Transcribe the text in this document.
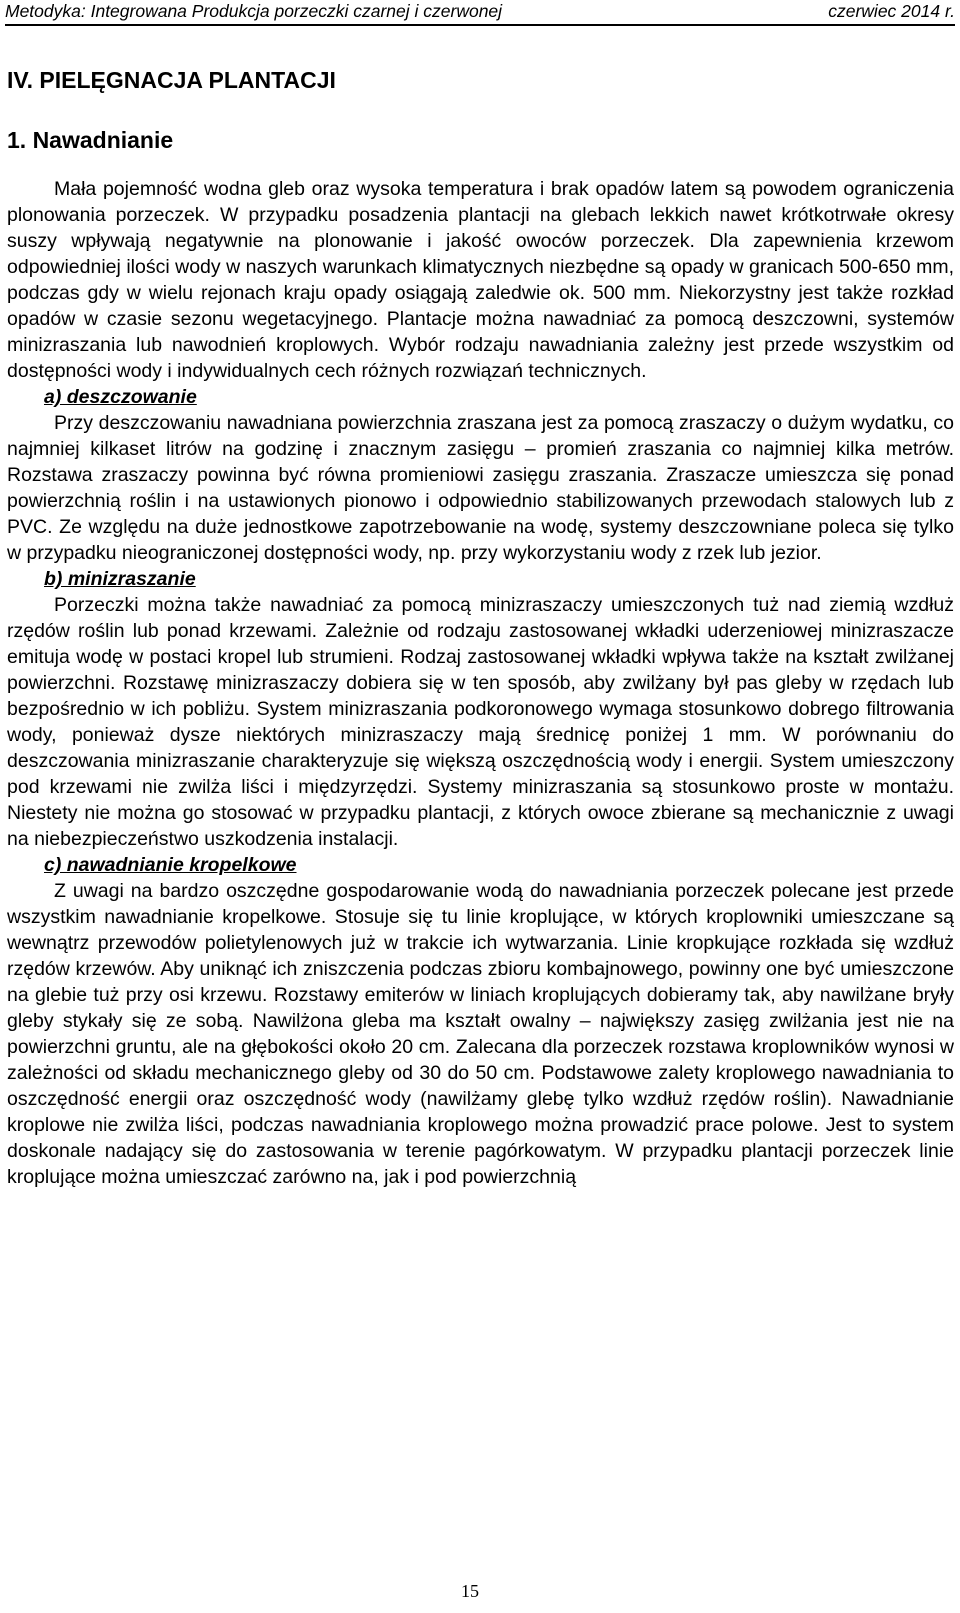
Metodyka: Integrowana Produkcja porzeczki czarnej i czerwonej	czerwiec 2014 r.
IV. PIELĘGNACJA PLANTACJI
1. Nawadnianie

Mała pojemność wodna gleb oraz wysoka temperatura i brak opadów latem są powodem ograniczenia plonowania porzeczek. W przypadku posadzenia plantacji na glebach lekkich nawet krótkotrwałe okresy suszy wpływają negatywnie na plonowanie i jakość owoców porzeczek. Dla zapewnienia krzewom odpowiedniej ilości wody w naszych warunkach klimatycznych niezbędne są opady w granicach 500-650 mm, podczas gdy w wielu rejonach kraju opady osiągają zaledwie ok. 500 mm. Niekorzystny jest także rozkład opadów w czasie sezonu wegetacyjnego. Plantacje można nawadniać za pomocą deszczowni, systemów minizraszania lub nawodnień kroplowych. Wybór rodzaju nawadniania zależny jest przede wszystkim od dostępności wody i indywidualnych cech różnych rozwiązań technicznych.

a) deszczowanie

Przy deszczowaniu nawadniana powierzchnia zraszana jest za pomocą zraszaczy o dużym wydatku, co najmniej kilkaset litrów na godzinę i znacznym zasięgu – promień zraszania co najmniej kilka metrów. Rozstawa zraszaczy powinna być równa promieniowi zasięgu zraszania. Zraszacze umieszcza się ponad powierzchnią roślin i na ustawionych pionowo i odpowiednio stabilizowanych przewodach stalowych lub z PVC. Ze względu na duże jednostkowe zapotrzebowanie na wodę, systemy deszczowniane poleca się tylko w przypadku nieograniczonej dostępności wody, np. przy wykorzystaniu wody z rzek lub jezior.

b) minizraszanie

Porzeczki można także nawadniać za pomocą minizraszaczy umieszczonych tuż nad ziemią wzdłuż rzędów roślin lub ponad krzewami. Zależnie od rodzaju zastosowanej wkładki uderzeniowej minizraszacze emituja wodę w postaci kropel lub strumieni. Rodzaj zastosowanej wkładki wpływa także na kształt zwilżanej powierzchni. Rozstawę minizraszaczy dobiera się w ten sposób, aby zwilżany był pas gleby w rzędach lub bezpośrednio w ich pobliżu. System minizraszania podkoronowego wymaga stosunkowo dobrego filtrowania wody, ponieważ dysze niektórych minizraszaczy mają średnicę poniżej 1 mm. W porównaniu do deszczowania minizraszanie charakteryzuje się większą oszczędnością wody i energii. System umieszczony pod krzewami nie zwilża liści i międzyrzędzi. Systemy minizraszania są stosunkowo proste w montażu. Niestety nie można go stosować w przypadku plantacji, z których owoce zbierane są mechanicznie z uwagi na niebezpieczeństwo uszkodzenia instalacji.

c) nawadnianie kropelkowe

Z uwagi na bardzo oszczędne gospodarowanie wodą do nawadniania porzeczek polecane jest przede wszystkim nawadnianie kropelkowe. Stosuje się tu linie kroplujące, w których kroplowniki umieszczane są wewnątrz przewodów polietylenowych już w trakcie ich wytwarzania. Linie kropkujące rozkłada się wzdłuż rzędów krzewów. Aby uniknąć ich zniszczenia podczas zbioru kombajnowego, powinny one być umieszczone na glebie tuż przy osi krzewu. Rozstawy emiterów w liniach kroplujących dobieramy tak, aby nawilżane bryły gleby stykały się ze sobą. Nawilżona gleba ma kształt owalny – największy zasięg zwilżania jest nie na powierzchni gruntu, ale na głębokości około 20 cm. Zalecana dla porzeczek rozstawa kroplowników wynosi w zależności od składu mechanicznego gleby od 30 do 50 cm. Podstawowe zalety kroplowego nawadniania to oszczędność energii oraz oszczędność wody (nawilżamy glebę tylko wzdłuż rzędów roślin). Nawadnianie kroplowe nie zwilża liści, podczas nawadniania kroplowego można prowadzić prace polowe. Jest to system doskonale nadający się do zastosowania w terenie pagórkowatym. W przypadku plantacji porzeczek linie kroplujące można umieszczać zarówno na, jak i pod powierzchnią

15
